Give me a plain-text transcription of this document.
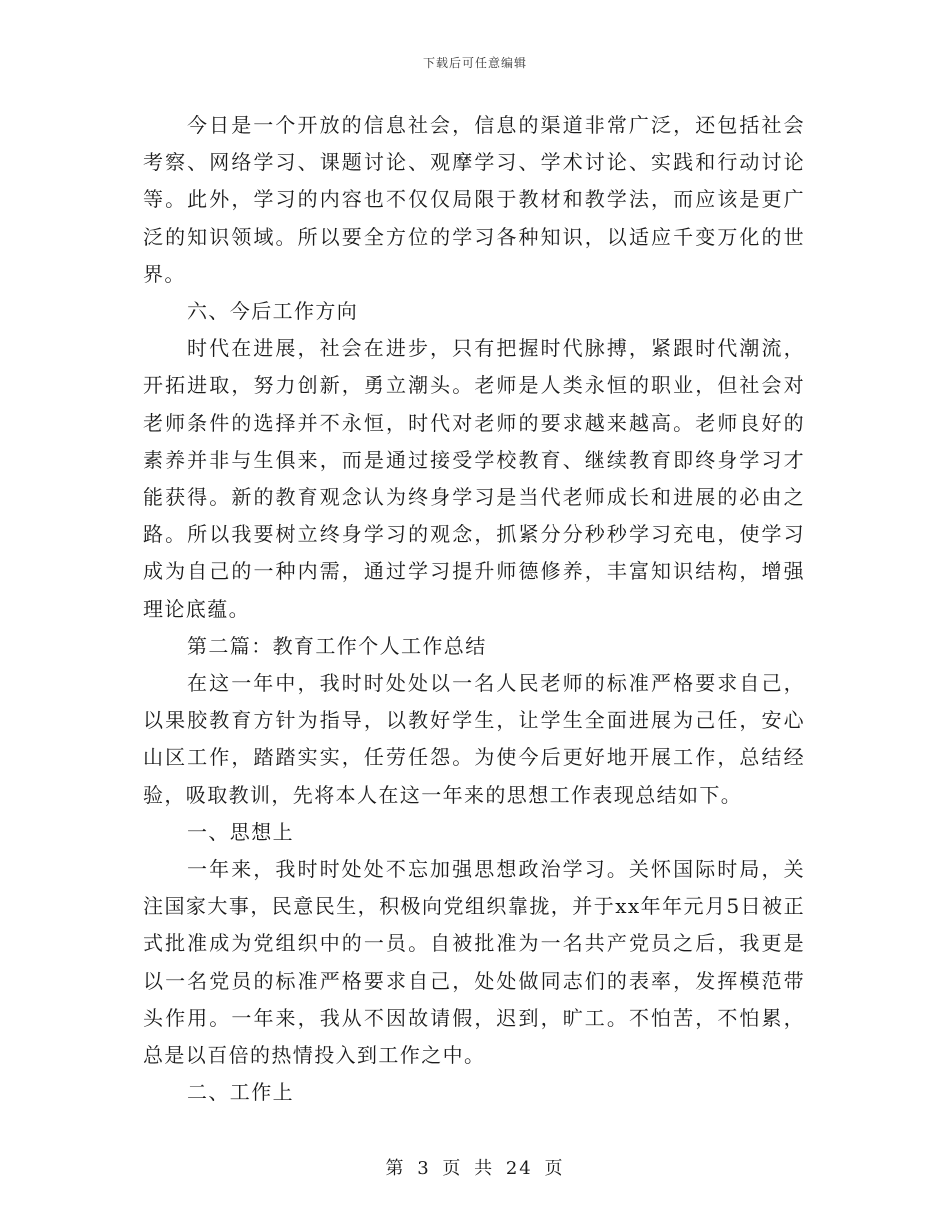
下载后可任意编辑

今日是一个开放的信息社会，信息的渠道非常广泛，还包括社会考察、网络学习、课题讨论、观摩学习、学术讨论、实践和行动讨论等。此外，学习的内容也不仅仅局限于教材和教学法，而应该是更广泛的知识领域。所以要全方位的学习各种知识，以适应千变万化的世界。

六、今后工作方向

时代在进展，社会在进步，只有把握时代脉搏，紧跟时代潮流，开拓进取，努力创新，勇立潮头。老师是人类永恒的职业，但社会对老师条件的选择并不永恒，时代对老师的要求越来越高。老师良好的素养并非与生俱来，而是通过接受学校教育、继续教育即终身学习才能获得。新的教育观念认为终身学习是当代老师成长和进展的必由之路。所以我要树立终身学习的观念，抓紧分分秒秒学习充电，使学习成为自己的一种内需，通过学习提升师德修养，丰富知识结构，增强理论底蕴。

第二篇：教育工作个人工作总结

在这一年中，我时时处处以一名人民老师的标准严格要求自己，以果胶教育方针为指导，以教好学生，让学生全面进展为己任，安心山区工作，踏踏实实，任劳任怨。为使今后更好地开展工作，总结经验，吸取教训，先将本人在这一年来的思想工作表现总结如下。

一、思想上

一年来，我时时处处不忘加强思想政治学习。关怀国际时局，关注国家大事，民意民生，积极向党组织靠拢，并于xx年年元月5日被正式批准成为党组织中的一员。自被批准为一名共产党员之后，我更是以一名党员的标准严格要求自己，处处做同志们的表率，发挥模范带头作用。一年来，我从不因故请假，迟到，旷工。不怕苦，不怕累，总是以百倍的热情投入到工作之中。

二、工作上

第 3 页 共 24 页
